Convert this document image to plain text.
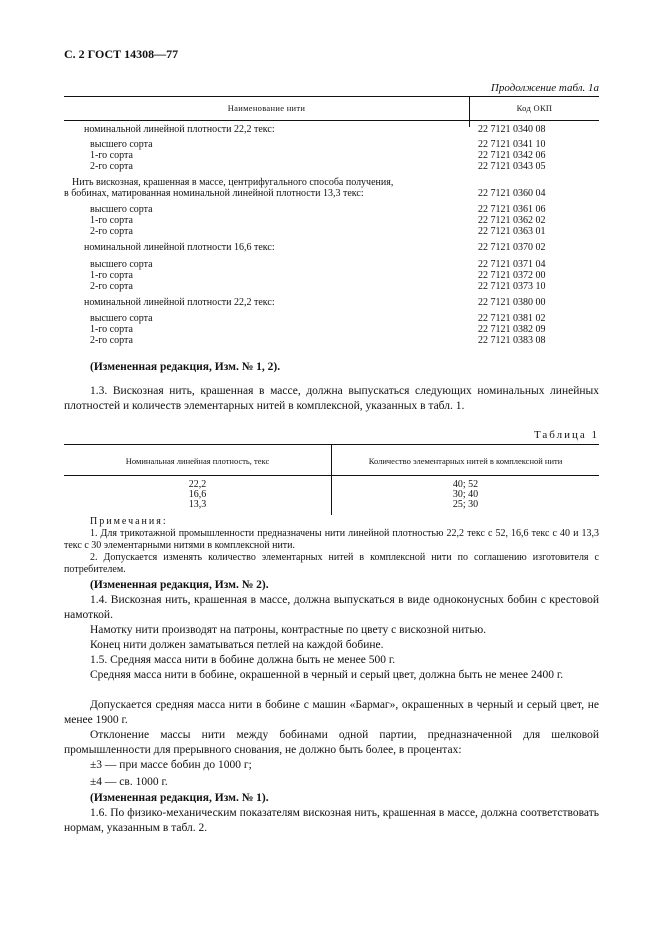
С. 2 ГОСТ 14308—77
Продолжение табл. 1а
Наименование нити	Код ОКП
номинальной линейной плотности 22,2 текс:	22 7121 0340 08
высшего сорта	22 7121 0341 10
1-го сорта	22 7121 0342 06
2-го сорта	22 7121 0343 05
Нить вискозная, крашенная в массе, центрифугального способа получения,
в бобинах, матированная номинальной линейной плотности 13,3 текс:	22 7121 0360 04
высшего сорта	22 7121 0361 06
1-го сорта	22 7121 0362 02
2-го сорта	22 7121 0363 01
номинальной линейной плотности 16,6 текс:	22 7121 0370 02
высшего сорта	22 7121 0371 04
1-го сорта	22 7121 0372 00
2-го сорта	22 7121 0373 10
номинальной линейной плотности 22,2 текс:	22 7121 0380 00
высшего сорта	22 7121 0381 02
1-го сорта	22 7121 0382 09
2-го сорта	22 7121 0383 08
(Измененная редакция, Изм. № 1, 2).
1.3. Вискозная нить, крашенная в массе, должна выпускаться следующих номинальных линейных плотностей и количеств элементарных нитей в комплексной, указанных в табл. 1.
Таблица 1
Номинальная линейная плотность, текс	Количество элементарных нитей в комплексной нити
22,2	40; 52
16,6	30; 40
13,3	25; 30
Примечания:
1. Для трикотажной промышленности предназначены нити линейной плотностью 22,2 текс с 52, 16,6 текс с 40 и 13,3 текс с 30 элементарными нитями в комплексной нити.
2. Допускается изменять количество элементарных нитей в комплексной нити по соглашению изготовителя с потребителем.
(Измененная редакция, Изм. № 2).
1.4. Вискозная нить, крашенная в массе, должна выпускаться в виде одноконусных бобин с крестовой намоткой.
Намотку нити производят на патроны, контрастные по цвету с вискозной нитью.
Конец нити должен заматываться петлей на каждой бобине.
1.5. Средняя масса нити в бобине должна быть не менее 500 г.
Средняя масса нити в бобине, окрашенной в черный и серый цвет, должна быть не менее 2400 г.
Допускается средняя масса нити в бобине с машин «Бармаг», окрашенных в черный и серый цвет, не менее 1900 г.
Отклонение массы нити между бобинами одной партии, предназначенной для шелковой промышленности для прерывного снования, не должно быть более, в процентах:
±3 — при массе бобин до 1000 г;
±4 — св. 1000 г.
(Измененная редакция, Изм. № 1).
1.6. По физико-механическим показателям вискозная нить, крашенная в массе, должна соответствовать нормам, указанным в табл. 2.
